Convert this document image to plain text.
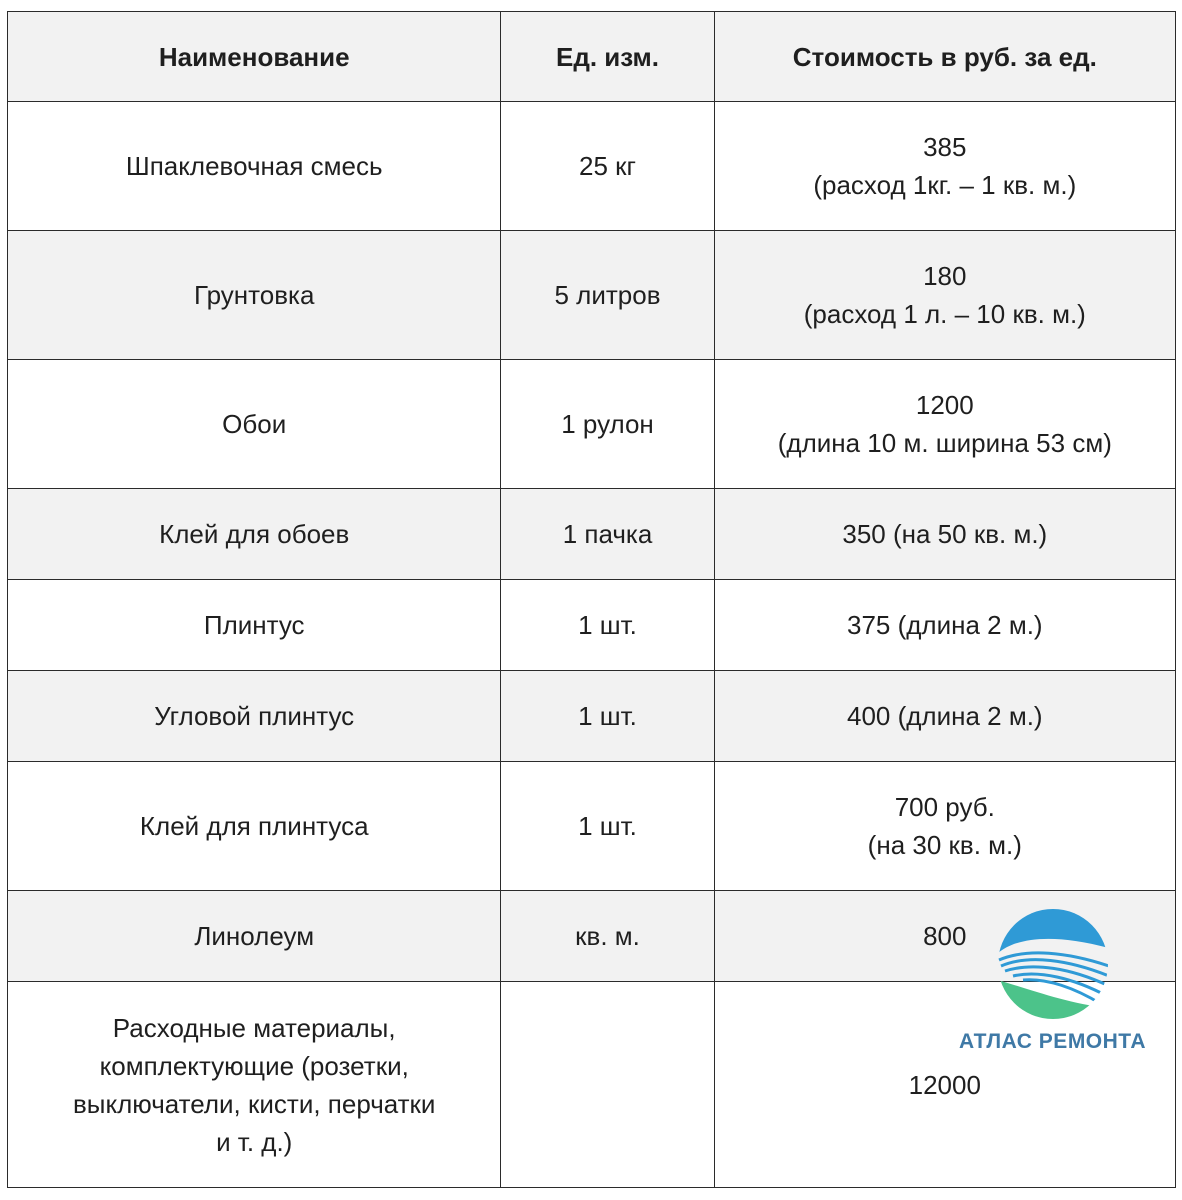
Наименование	Ед. изм.	Стоимость в руб. за ед.

Шпаклевочная смесь	25 кг	385
(расход 1кг. – 1 кв. м.)

Грунтовка	5 литров	180
(расход 1 л. – 10 кв. м.)

Обои	1 рулон	1200
(длина 10 м. ширина 53 см)

Клей для обоев	1 пачка	350 (на 50 кв. м.)

Плинтус	1 шт.	375 (длина 2 м.)

Угловой плинтус	1 шт.	400 (длина 2 м.)

Клей для плинтуса	1 шт.	700 руб.
(на 30 кв. м.)

Линолеум	кв. м.	800

Расходные материалы,
комплектующие (розетки,
выключатели, кисти, перчатки
и т. д.)		12000
АТЛАС РЕМОНТА
